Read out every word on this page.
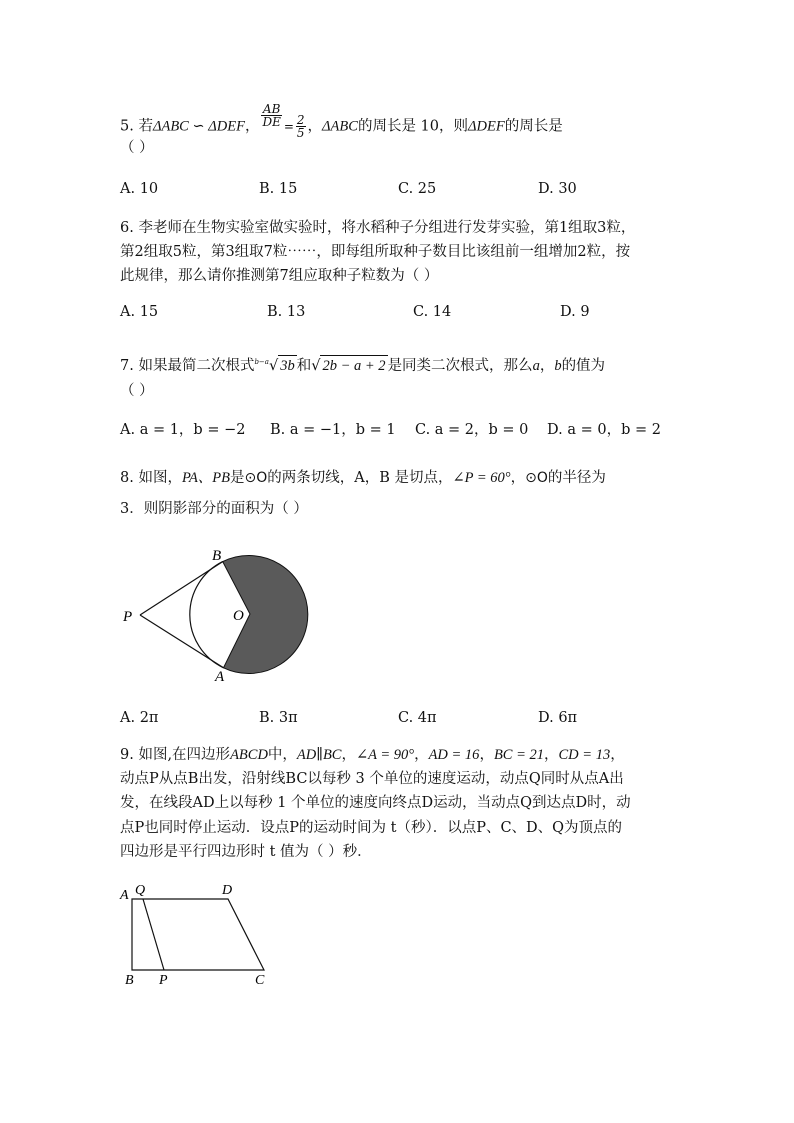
5. 若ΔABC ∽ ΔDEF， $\frac{AB}{DE} = \frac{2}{5}$ ，ΔABC的周长是 10，则ΔDEF的周长是
（ ）
A. 10	B. 15	C. 25	D. 30
6. 李老师在生物实验室做实验时，将水稻种子分组进行发芽实验，第1组取3粒，
第2组取5粒，第3组取7粒⋯⋯，即每组所取种子数目比该组前一组增加2粒，按
此规律，那么请你推测第7组应取种子粒数为（ ）
A. 15	B. 13	C. 14	D. 9
7. 如果最简二次根式$^{b-a}$√ 3b 和√ 2b − a + 2 是同类二次根式，那么a，b的值为
（ ）
A. a = 1，b = −2 B. a = −1，b = 1 C. a = 2，b = 0 D. a = 0，b = 2
8. 如图，PA、PB是⊙O的两条切线，A，B 是切点，∠P = 60°，⊙O的半径为
3．则阴影部分的面积为（ ）
B
P	O
A
A. 2π	B. 3π	C. 4π	D. 6π
9. 如图,在四边形ABCD中，AD∥BC，∠A = 90°，AD = 16，BC = 21，CD = 13，
动点P从点B出发，沿射线BC以每秒 3 个单位的速度运动，动点Q同时从点A出
发，在线段AD上以每秒 1 个单位的速度向终点D运动，当动点Q到达点D时，动
点P也同时停止运动．设点P的运动时间为 t（秒）．以点P、C、D、Q为顶点的
四边形是平行四边形时 t 值为（ ）秒．
A Q	D
B P	C
